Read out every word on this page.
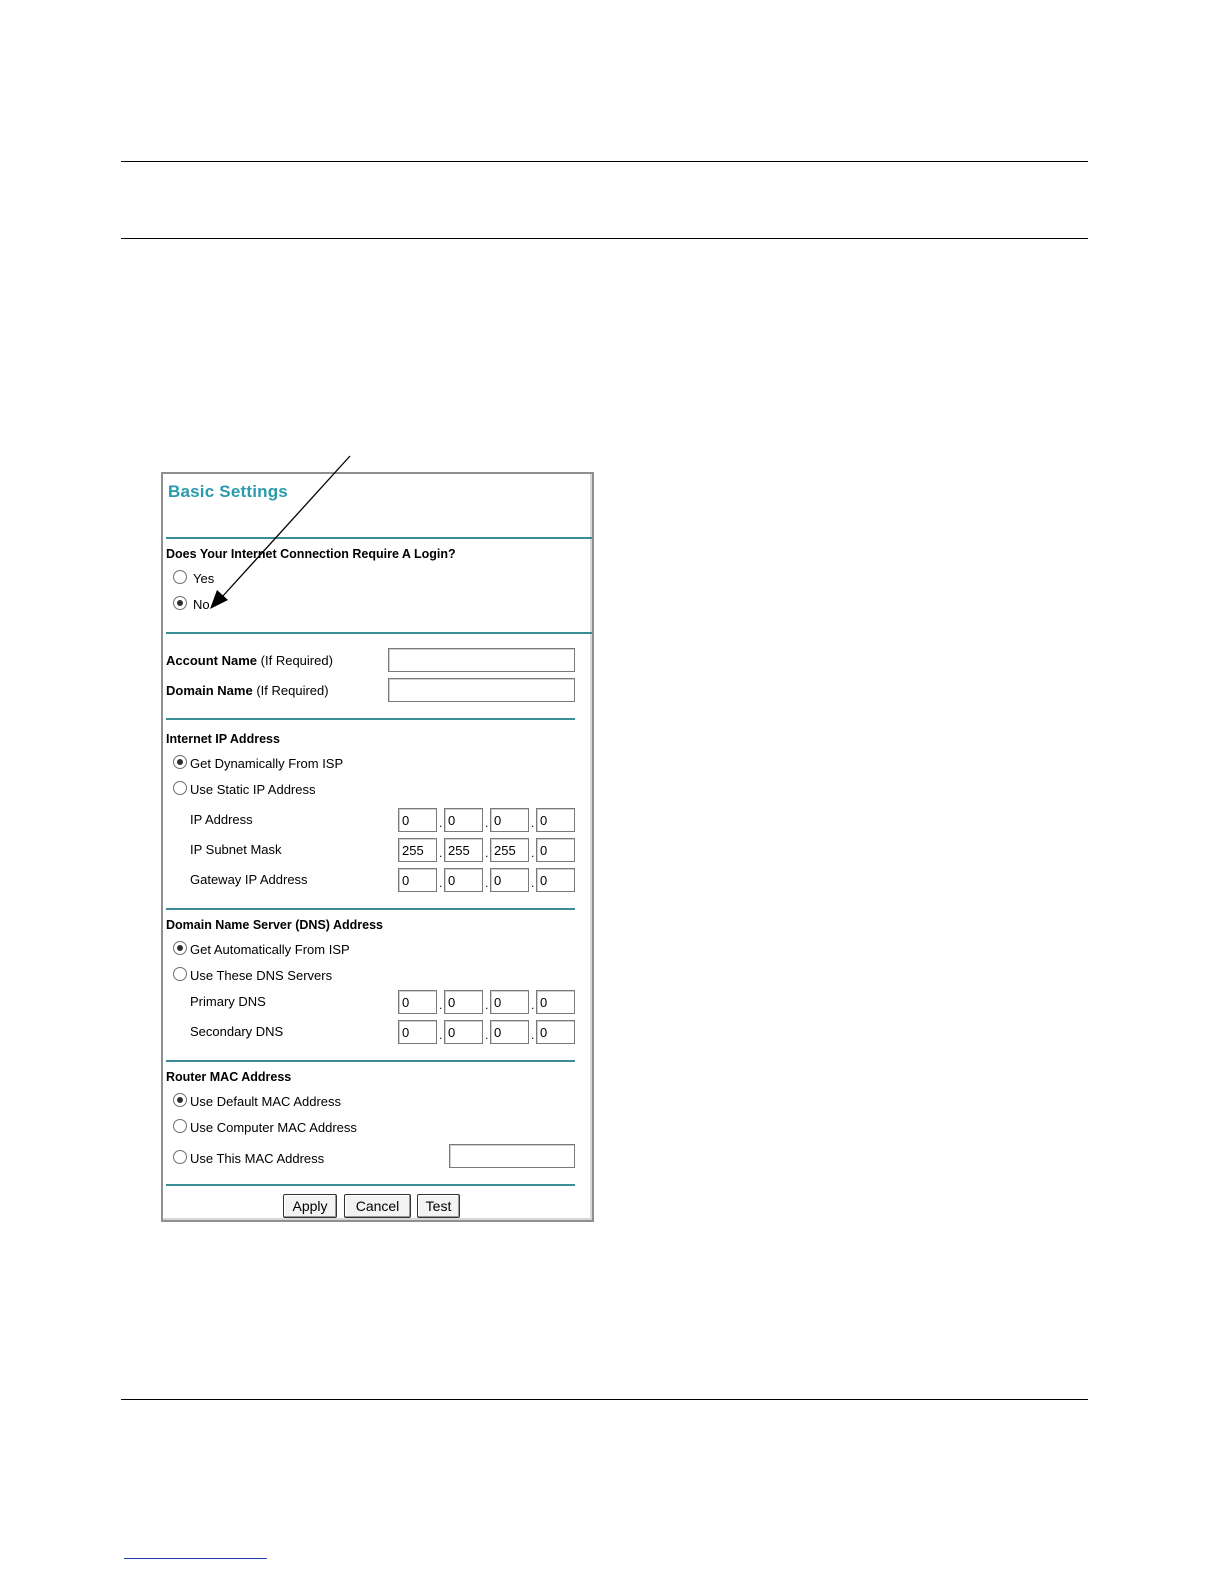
Basic Settings
Does Your Internet Connection Require A Login?
Yes
No
Account Name (If Required)
Domain Name (If Required)
Internet IP Address
Get Dynamically From ISP
Use Static IP Address
IP Address	0	. 0	. 0	. 0
IP Subnet Mask	255	. 255	. 255	. 0
Gateway IP Address	0	. 0	. 0	. 0
Domain Name Server (DNS) Address
Get Automatically From ISP
Use These DNS Servers
Primary DNS	0	. 0	. 0	. 0
Secondary DNS	0	. 0	. 0	. 0
Router MAC Address
Use Default MAC Address
Use Computer MAC Address
Use This MAC Address
Apply	Cancel	Test
